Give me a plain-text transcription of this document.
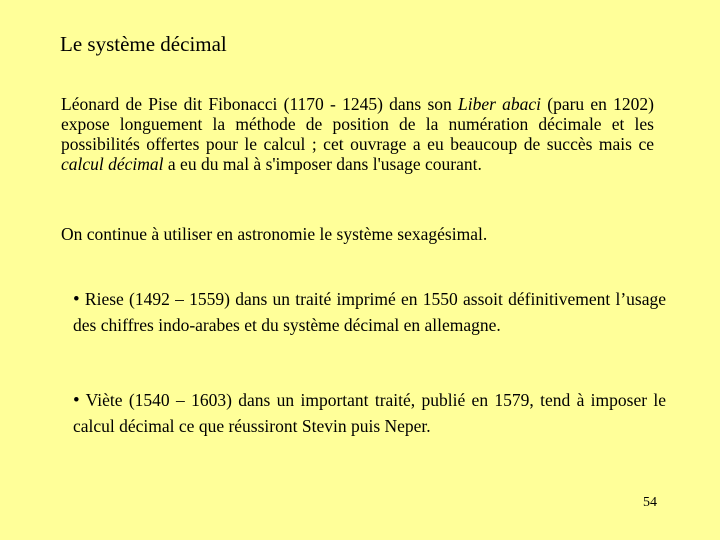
Le système décimal

Léonard de Pise dit Fibonacci (1170 - 1245) dans son Liber abaci (paru en 1202) expose longuement la méthode de position de la numération décimale et les possibilités offertes pour le calcul ; cet ouvrage a eu beaucoup de succès mais ce calcul décimal a eu du mal à s'imposer dans l'usage courant.

On continue à utiliser en astronomie le système sexagésimal.

• Riese (1492 – 1559) dans un traité imprimé en 1550 assoit définitivement l’usage des chiffres indo-arabes et du système décimal en allemagne.

• Viète (1540 – 1603) dans un important traité, publié en 1579, tend à imposer le calcul décimal ce que réussiront Stevin puis Neper.

54
